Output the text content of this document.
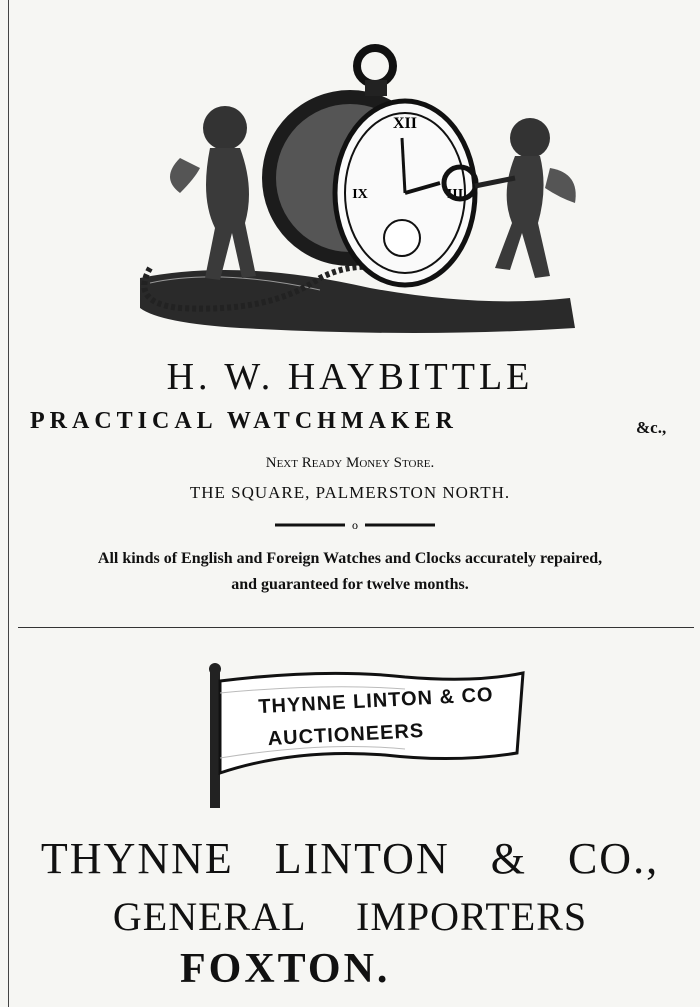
XII
III
IX
H. W. HAYBITTLE
PRACTICAL WATCHMAKER	&c.,
Next Ready Money Store.
THE SQUARE, PALMERSTON NORTH.
o
All kinds of English and Foreign Watches and Clocks accurately repaired,
and guaranteed for twelve months.
THYNNE LINTON & CO
AUCTIONEERS
THYNNE LINTON & CO.,
GENERAL IMPORTERS
FOXTON.
